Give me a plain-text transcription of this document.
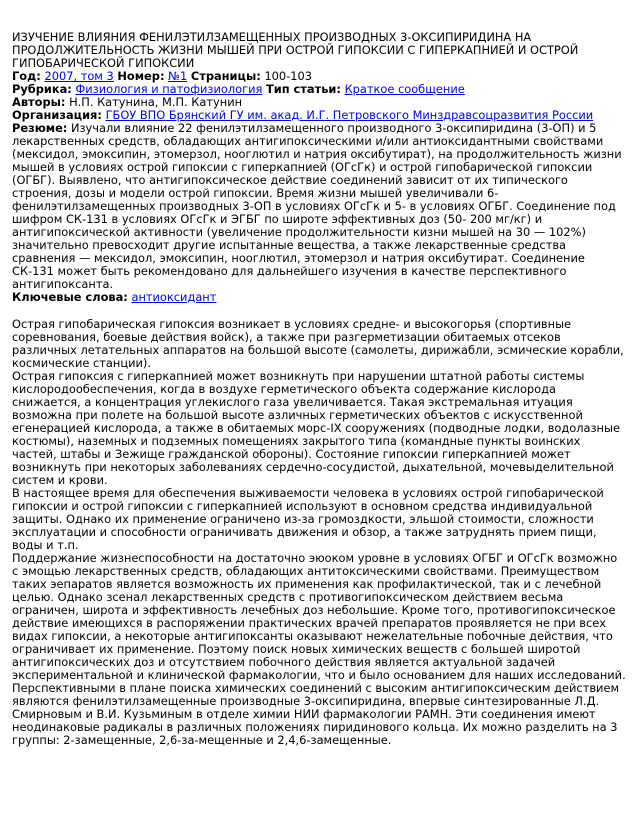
ИЗУЧЕНИЕ ВЛИЯНИЯ ФЕНИЛЭТИЛЗАМЕЩЕННЫХ ПРОИЗВОДНЫХ 3-ОКСИПИРИДИНА НА ПРОДОЛЖИТЕЛЬНОСТЬ ЖИЗНИ МЫШЕЙ ПРИ ОСТРОЙ ГИПОКСИИ С ГИПЕРКАПНИЕЙ И ОСТРОЙ ГИПОБАРИЧЕСКОЙ ГИПОКСИИ
Год: 2007, том 3 Номер: №1 Страницы: 100-103
Рубрика: Физиология и патофизиология Тип статьи: Краткое сообщение
Авторы: Н.П. Катунина, М.П. Катунин
Организация: ГБОУ ВПО Брянский ГУ им. акад. И.Г. Петровского Минздравсоцразвития России
Резюме: Изучали влияние 22 фенилэтилзамещенного производного 3-оксипиридина (3-ОП) и 5 лекарственных средств, обладающих антигипоксическими и/или антиоксидантными свойствами (мексидол, эмоксипин, этомерзол, нооглютил и натрия оксибутират), на продолжительность жизни мышей в условиях острой гипоксии с гиперкапнией (ОГсГк) и острой гипобарической гипоксии (ОГБГ). Выявлено, что антигипоксическое действие соединений зависит от их типического строения, дозы и модели острой гипоксии. Время жизни мышей увеличивали 6-фенилэтилзамещенных производных 3-ОП в условиях ОГсГк и 5- в условиях ОГБГ. Соединение под шифром СК-131 в условиях ОГсГк и ЭГБГ по широте эффективных доз (50- 200 мг/кг) и антигипоксической активности (увеличение продолжительности кизни мышей на 30 — 102%) значительно превосходит другие испытанные вещества, а также лекарственные средства сравнения — мексидол, эмоксипин, нооглютил, этомерзол и натрия оксибутират. Соединение СК-131 может быть рекомендовано для дальнейшего изучения в качестве перспективного антигипоксанта.
Ключевые слова: антиоксидант

Острая гипобарическая гипоксия возникает в условиях средне- и высокогорья (спортивные соревнования, боевые действия войск), а также при разгерметизации обитаемых отсеков различных летательных аппаратов на большой высоте (самолеты, дирижабли, эсмические корабли, космические станции).

Острая гипоксия с гиперкапнией может возникнуть при нарушении штатной работы системы кислородообеспечения, когда в воздухе герметического объекта содержание кислорода снижается, а концентрация углекислого газа увеличивается. Такая экстремальная итуация возможна при полете на большой высоте азличных герметических объектов с искусственной егенерацией кислорода, а также в обитаемых морс-IX сооружениях (подводные лодки, водолазные костюмы), наземных и подземных помещениях закрытого типа (командные пункты воинских частей, штабы и Зежище гражданской обороны). Состояние гипоксии гиперкапнией может возникнуть при некоторых заболеваниях сердечно-сосудистой, дыхательной, мочевыделительной систем и крови.

В настоящее время для обеспечения выживаемости человека в условиях острой гипобарической гипоксии и острой гипоксии с гиперкапнией используют в основном средства индивидуальной защиты. Однако их применение ограничено из-за громоздкости, эльшой стоимости, сложности эксплуатации и способности ограничивать движения и обзор, а также затруднять прием пищи, воды и т.п.

Поддержание жизнеспособности на достаточно эюоком уровне в условиях ОГБГ и ОГсГк возможно с эмощью лекарственных средств, обладающих антитоксическими свойствами. Преимуществом таких эепаратов является возможность их применения как профилактической, так и с лечебной целью. Однако зсенал лекарственных средств с противогипоксическом действием весьма ограничен, широта и эффективность лечебных доз небольшие. Кроме того, противогипоксическое действие имеющихся в распоряжении практических врачей препаратов проявляется не при всех видах гипоксии, а некоторые антигипоксанты оказывают нежелательные побочные действия, что ограничивает их применение. Поэтому поиск новых химических веществ с большей широтой антигипоксических доз и отсутствием побочного действия является актуальной задачей экспериментальной и клинической фармакологии, что и было основанием для наших исследований.

Перспективными в плане поиска химических соединений с высоким антигипоксическим действием являются фенилэтилзамещенные производные 3-оксипиридина, впервые синтезированные Л.Д. Смирновым и В.И. Кузьминым в отделе химии НИИ фармакологии РАМН. Эти соединения имеют неодинаковые радикалы в различных положениях пиридинового кольца. Их можно разделить на 3 группы: 2-замещенные, 2,6-за-мещенные и 2,4,6-замещенные.
